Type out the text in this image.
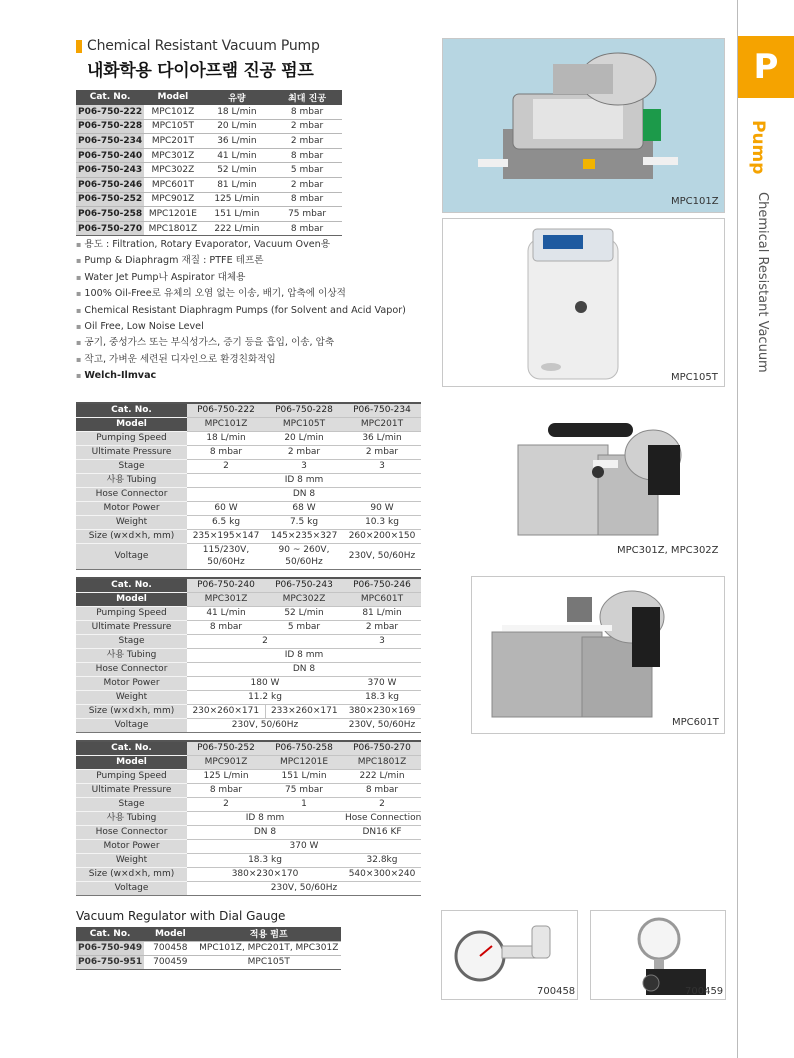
Chemical Resistant Vacuum Pump
내화학용 다이아프램 진공 펌프
Cat. No.	Model	유량	최대 진공
P06-750-222	MPC101Z	18 L/min	8 mbar
P06-750-228	MPC105T	20 L/min	2 mbar
P06-750-234	MPC201T	36 L/min	2 mbar
P06-750-240	MPC301Z	41 L/min	8 mbar
P06-750-243	MPC302Z	52 L/min	5 mbar
P06-750-246	MPC601T	81 L/min	2 mbar
P06-750-252	MPC901Z	125 L/min	8 mbar
P06-750-258	MPC1201E	151 L/min	75 mbar
P06-750-270	MPC1801Z	222 L/min	8 mbar
▪ 용도 : Filtration, Rotary Evaporator, Vacuum Oven용
▪ Pump & Diaphragm 재질 : PTFE 테프론
▪ Water Jet Pump나 Aspirator 대체용
▪ 100% Oil-Free로 유체의 오염 없는 이송, 배기, 압축에 이상적
▪ Chemical Resistant Diaphragm Pumps (for Solvent and Acid Vapor)
▪ Oil Free, Low Noise Level
▪ 공기, 중성가스 또는 부식성가스, 증기 등을 흡입, 이송, 압축
▪ 작고, 가벼운 세련된 디자인으로 환경친화적임
▪ Welch-Ilmvac
Cat. No.	P06-750-222	P06-750-228	P06-750-234
Model	MPC101Z	MPC105T	MPC201T
Pumping Speed	18 L/min	20 L/min	36 L/min
Ultimate Pressure	8 mbar	2 mbar	2 mbar
Stage	2	3	3
사용 Tubing	ID 8 mm		
Hose Connector	DN 8		
Motor Power	60 W	68 W	90 W
Weight	6.5 kg	7.5 kg	10.3 kg
Size (w×d×h, mm)	235×195×147	145×235×327	260×200×150
Voltage	115/230V, 50/60Hz	90 ~ 260V, 50/60Hz	230V, 50/60Hz
Cat. No.	P06-750-240	P06-750-243	P06-750-246
Model	MPC301Z	MPC302Z	MPC601T
Pumping Speed	41 L/min	52 L/min	81 L/min
Ultimate Pressure	8 mbar	5 mbar	2 mbar
Stage	2		3
사용 Tubing	ID 8 mm		
Hose Connector	DN 8		
Motor Power	180 W		370 W
Weight	11.2 kg		18.3 kg
Size (w×d×h, mm)	230×260×171	233×260×171	380×230×169
Voltage	230V, 50/60Hz		230V, 50/60Hz
Cat. No.	P06-750-252	P06-750-258	P06-750-270
Model	MPC901Z	MPC1201E	MPC1801Z
Pumping Speed	125 L/min	151 L/min	222 L/min
Ultimate Pressure	8 mbar	75 mbar	8 mbar
Stage	2	1	2
사용 Tubing	ID 8 mm		Hose Connection
Hose Connector	DN 8		DN16 KF
Motor Power	370 W		
Weight	18.3 kg		32.8kg
Size (w×d×h, mm)	380×230×170		540×300×240
Voltage	230V, 50/60Hz		
Vacuum Regulator with Dial Gauge
Cat. No.	Model	적용 펌프
P06-750-949	700458	MPC101Z, MPC201T, MPC301Z
P06-750-951	700459	MPC105T
MPC101Z
MPC105T
MPC301Z, MPC302Z
MPC601T
700458	700459
P
Pump
Chemical Resistant Vacuum
